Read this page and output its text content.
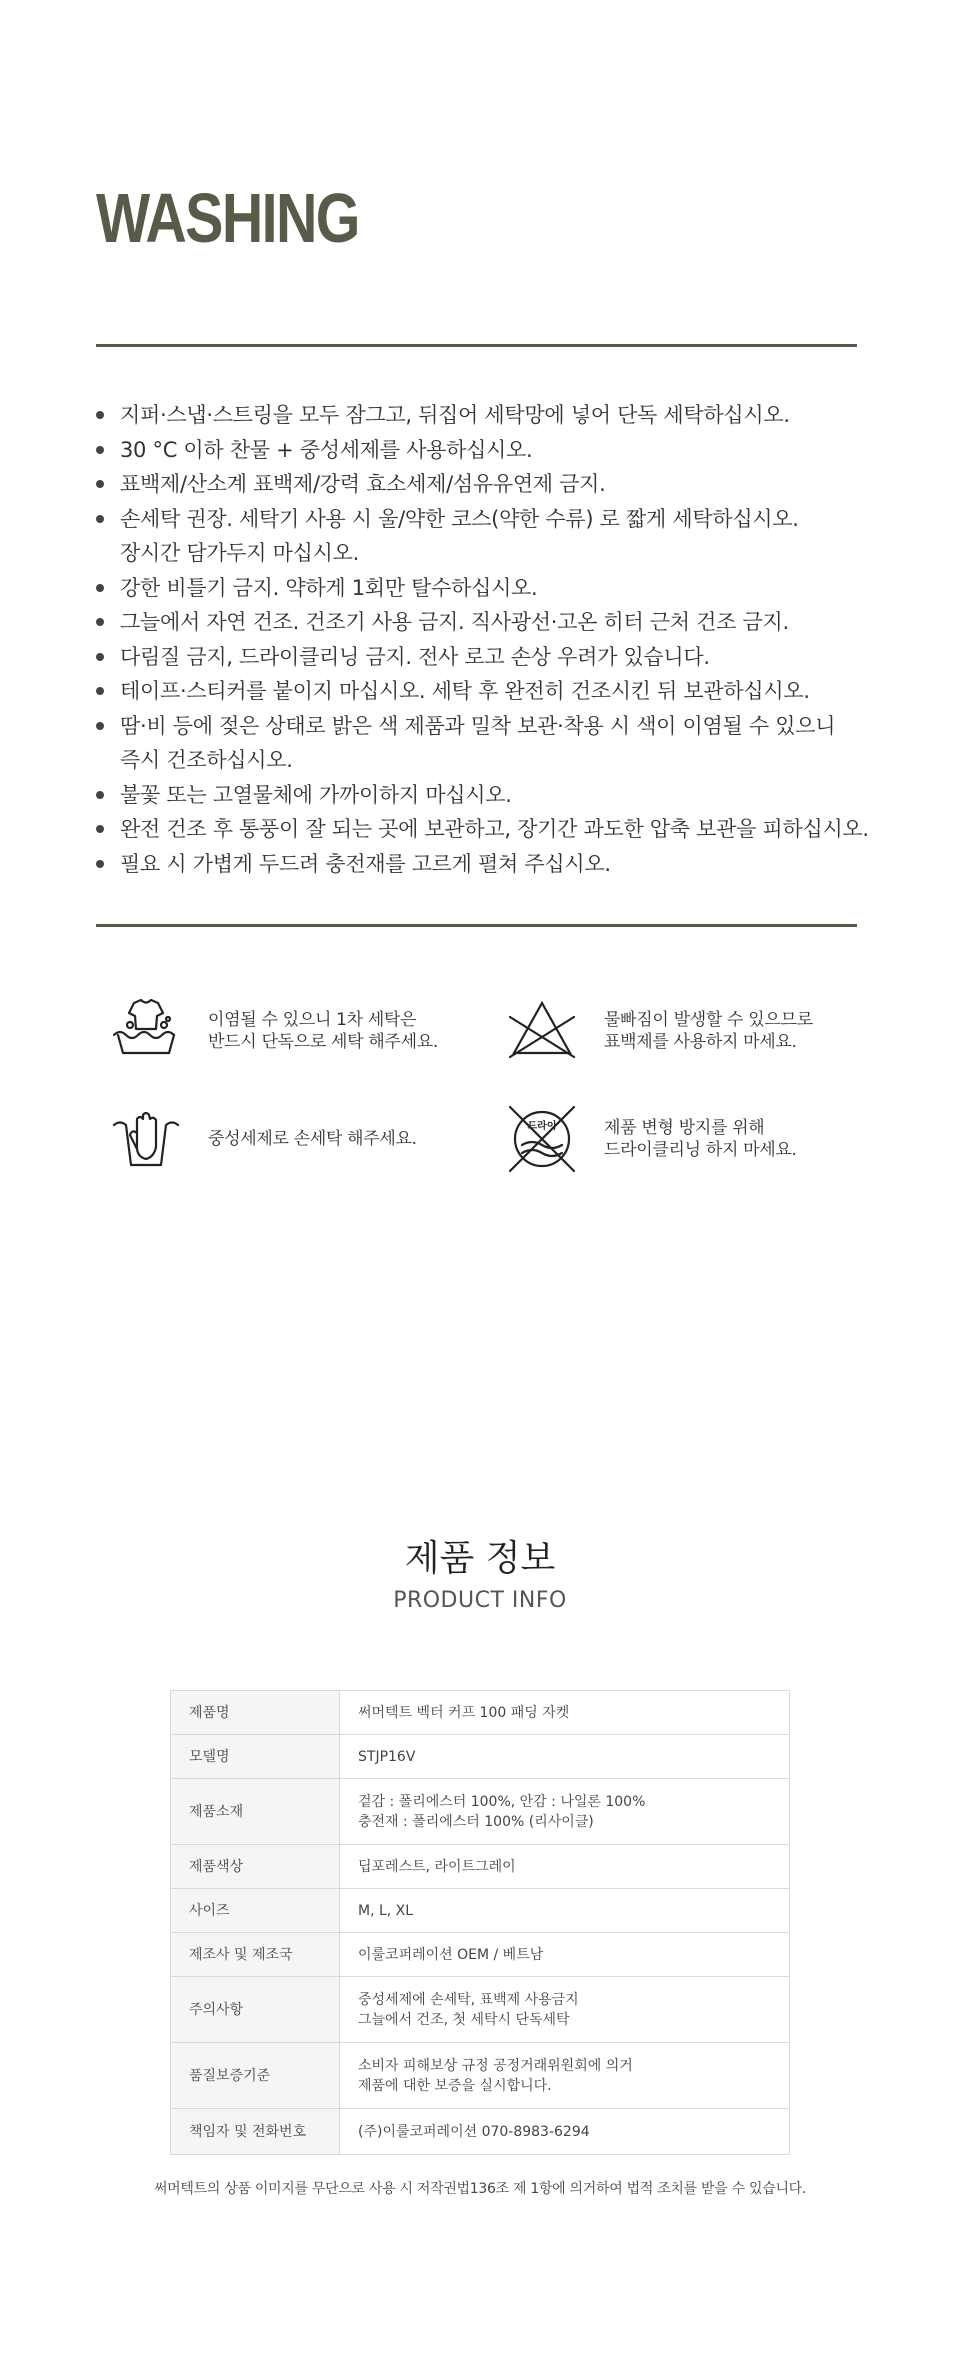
WASHING
지퍼·스냅·스트링을 모두 잠그고, 뒤집어 세탁망에 넣어 단독 세탁하십시오.
30 °C 이하 찬물 + 중성세제를 사용하십시오.
표백제/산소계 표백제/강력 효소세제/섬유유연제 금지.
손세탁 권장. 세탁기 사용 시 울/약한 코스(약한 수류) 로 짧게 세탁하십시오.
장시간 담가두지 마십시오.
강한 비틀기 금지. 약하게 1회만 탈수하십시오.
그늘에서 자연 건조. 건조기 사용 금지. 직사광선·고온 히터 근처 건조 금지.
다림질 금지, 드라이클리닝 금지. 전사 로고 손상 우려가 있습니다.
테이프·스티커를 붙이지 마십시오. 세탁 후 완전히 건조시킨 뒤 보관하십시오.
땀·비 등에 젖은 상태로 밝은 색 제품과 밀착 보관·착용 시 색이 이염될 수 있으니
즉시 건조하십시오.
불꽃 또는 고열물체에 가까이하지 마십시오.
완전 건조 후 통풍이 잘 되는 곳에 보관하고, 장기간 과도한 압축 보관을 피하십시오.
필요 시 가볍게 두드려 충전재를 고르게 펼쳐 주십시오.
이염될 수 있으니 1차 세탁은
반드시 단독으로 세탁 해주세요.
물빠짐이 발생할 수 있으므로
표백제를 사용하지 마세요.
중성세제로 손세탁 해주세요.
드라이	제품 변형 방지를 위해
드라이클리닝 하지 마세요.
제품 정보
PRODUCT INFO
제품명	써머텍트 벡터 커프 100 패딩 자켓
모델명	STJP16V
제품소재	겉감 : 폴리에스터 100%, 안감 : 나일론 100%
충전재 : 폴리에스터 100% (리사이클)
제품색상	딥포레스트, 라이트그레이
사이즈	M, L, XL
제조사 및 제조국	이룰코퍼레이션 OEM / 베트남
주의사항	중성세제에 손세탁, 표백제 사용금지
그늘에서 건조, 첫 세탁시 단독세탁
품질보증기준	소비자 피해보상 규정 공정거래위원회에 의거
제품에 대한 보증을 실시합니다.
책임자 및 전화번호	(주)이룰코퍼레이션 070-8983-6294
써머텍트의 상품 이미지를 무단으로 사용 시 저작권법136조 제 1항에 의거하여 법적 조치를 받을 수 있습니다.
